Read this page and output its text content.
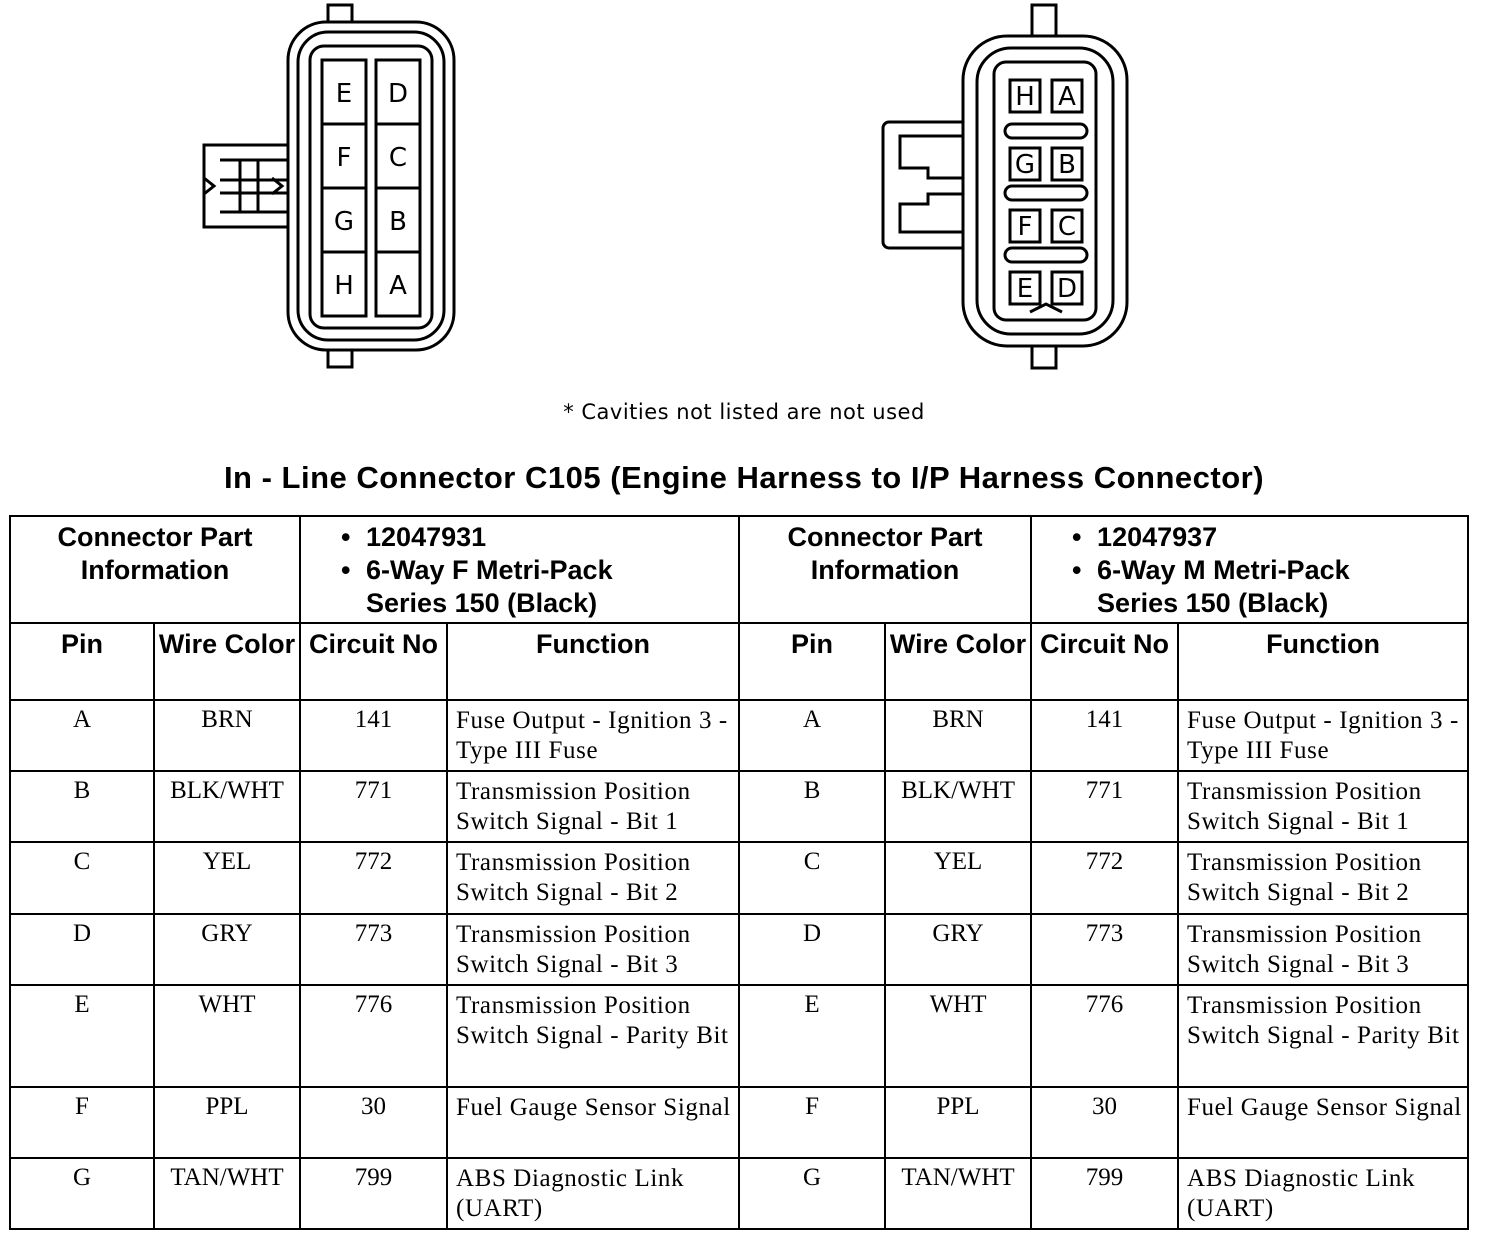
E
F
G
H
D
C
B
A
H A
G B
F C
E D
* Cavities not listed are not used
In - Line Connector C105 (Engine Harness to I/P Harness Connector)
Connector Part Information		• 12047931
• 6-Way F Metri-Pack
Series 150 (Black)		Connector Part Information		• 12047937
• 6-Way M Metri-Pack
Series 150 (Black)	

Pin	Wire Color	Circuit No	Function	Pin	Wire Color	Circuit No	Function
A	BRN	141	Fuse Output - Ignition 3 - Type III Fuse	A	BRN	141	Fuse Output - Ignition 3 - Type III Fuse
B	BLK/WHT	771	Transmission Position Switch Signal - Bit 1	B	BLK/WHT	771	Transmission Position Switch Signal - Bit 1
C	YEL	772	Transmission Position Switch Signal - Bit 2	C	YEL	772	Transmission Position Switch Signal - Bit 2
D	GRY	773	Transmission Position Switch Signal - Bit 3	D	GRY	773	Transmission Position Switch Signal - Bit 3
E	WHT	776	Transmission Position Switch Signal - Parity Bit	E	WHT	776	Transmission Position Switch Signal - Parity Bit
F	PPL	30	Fuel Gauge Sensor Signal	F	PPL	30	Fuel Gauge Sensor Signal
G	TAN/WHT	799	ABS Diagnostic Link (UART)	G	TAN/WHT	799	ABS Diagnostic Link (UART)
